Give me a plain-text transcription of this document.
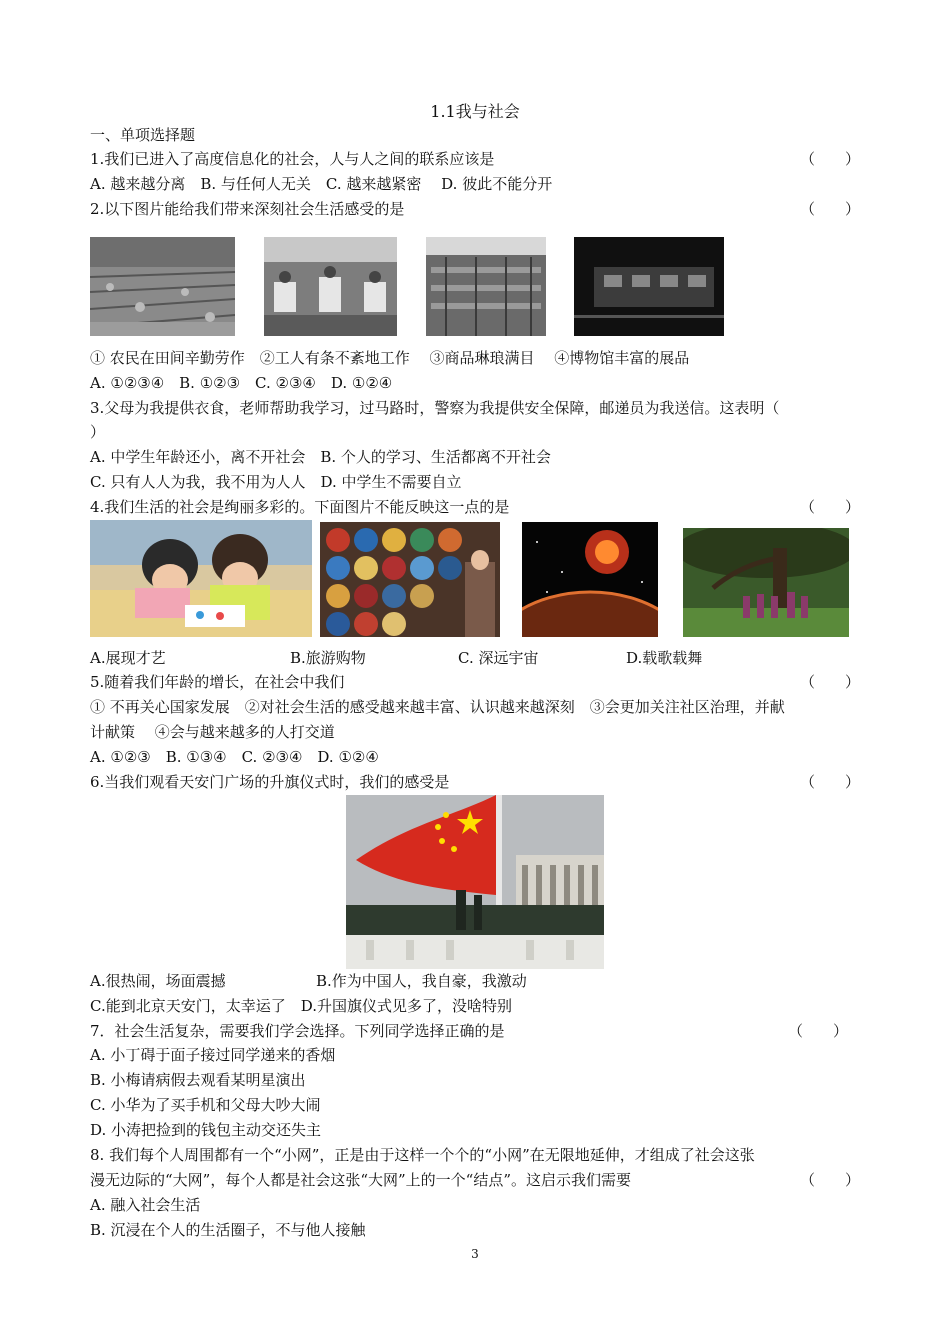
1.1我与社会
一、单项选择题
1.我们已进入了高度信息化的社会，人与人之间的联系应该是	（　　）
A. 越来越分离　B. 与任何人无关　C. 越来越紧密　 D. 彼此不能分开
2.以下图片能给我们带来深刻社会生活感受的是	（　　）
① 农民在田间辛勤劳作　②工人有条不紊地工作　 ③商品琳琅满目　 ④博物馆丰富的展品
A. ①②③④　B. ①②③　C. ②③④　D. ①②④
3.父母为我提供衣食，老师帮助我学习，过马路时，警察为我提供安全保障，邮递员为我送信。这表明（
）
A. 中学生年龄还小，离不开社会　B. 个人的学习、生活都离不开社会
C. 只有人人为我，我不用为人人　D. 中学生不需要自立
4.我们生活的社会是绚丽多彩的。下面图片不能反映这一点的是	（　　）
A.展现才艺	B.旅游购物	C. 深远宇宙	D.载歌载舞
5.随着我们年龄的增长，在社会中我们	（　　）
① 不再关心国家发展　②对社会生活的感受越来越丰富、认识越来越深刻　③会更加关注社区治理，并献
计献策　 ④会与越来越多的人打交道
A. ①②③　B. ①③④　C. ②③④　D. ①②④
6.当我们观看天安门广场的升旗仪式时，我们的感受是	（　　）
A.很热闹，场面震撼	B.作为中国人，我自豪，我激动
C.能到北京天安门，太幸运了　D.升国旗仪式见多了，没啥特别
7．社会生活复杂，需要我们学会选择。下列同学选择正确的是	（　　）
A. 小丁碍于面子接过同学递来的香烟
B. 小梅请病假去观看某明星演出
C. 小华为了买手机和父母大吵大闹
D. 小涛把捡到的钱包主动交还失主
8. 我们每个人周围都有一个“小网”，正是由于这样一个个的“小网”在无限地延伸，才组成了社会这张
漫无边际的“大网”，每个人都是社会这张“大网”上的一个“结点”。这启示我们需要	（　　）
A. 融入社会生活
B. 沉浸在个人的生活圈子，不与他人接触
3
